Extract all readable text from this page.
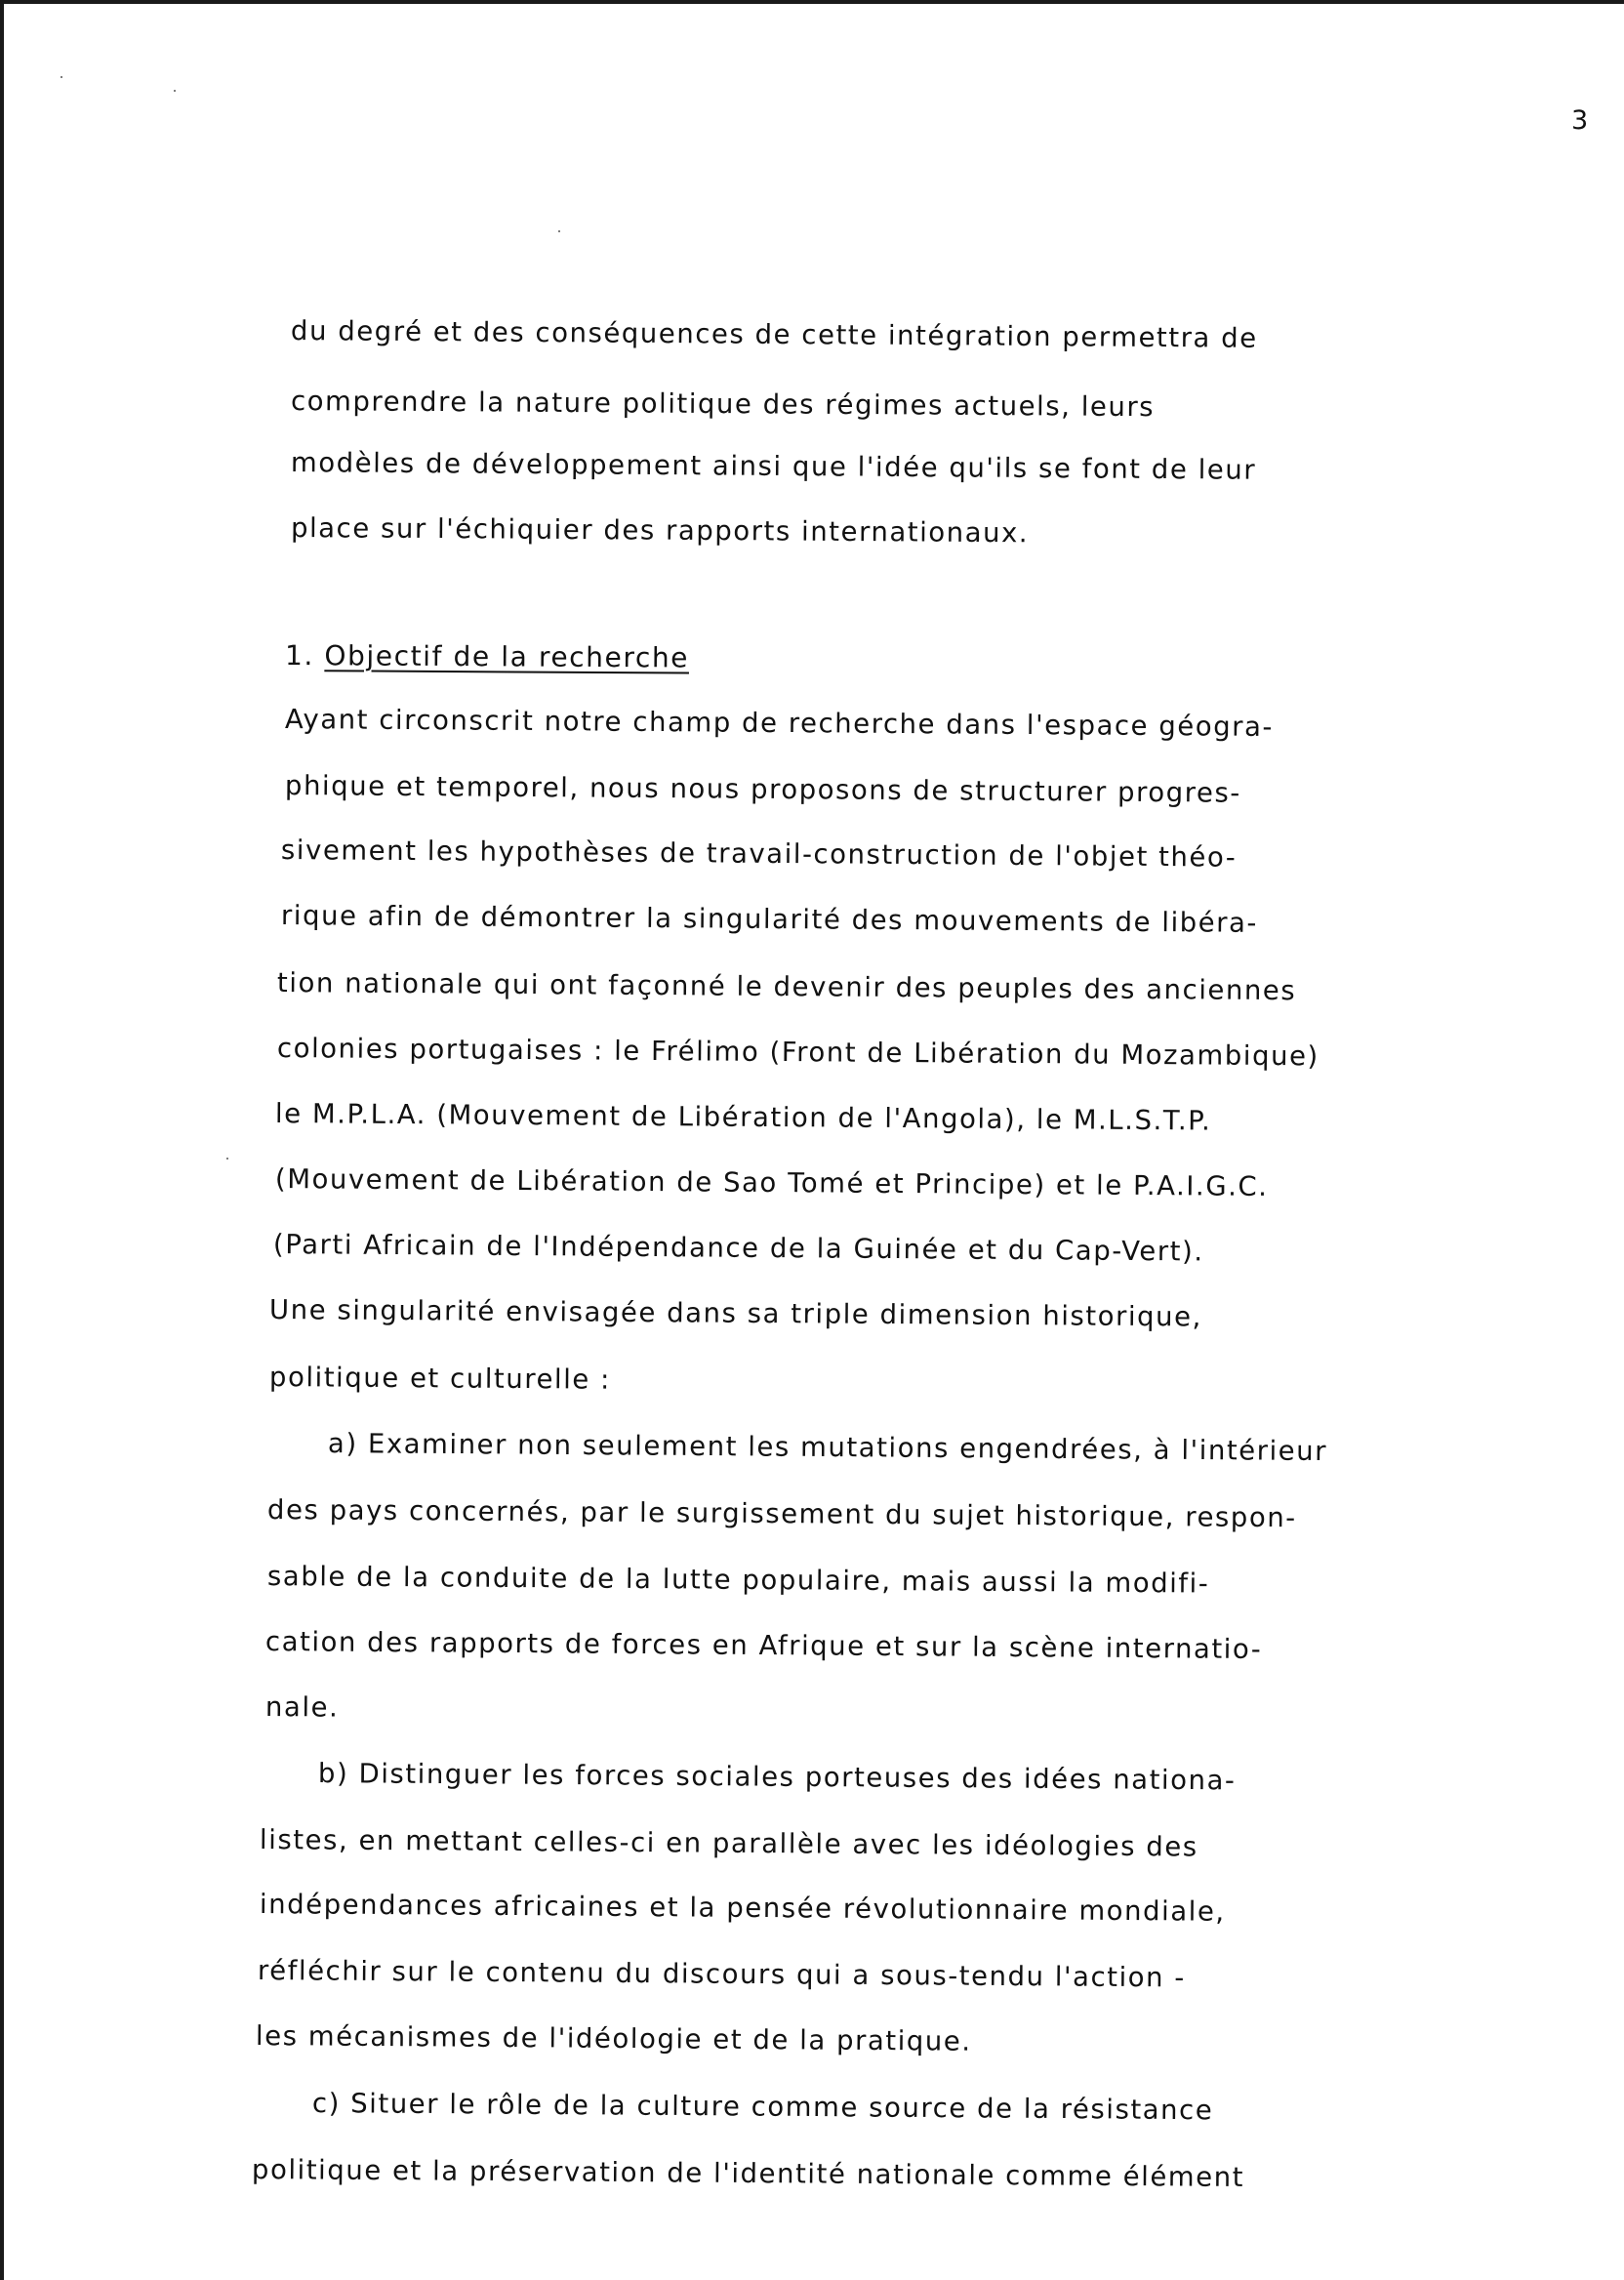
3
du degré et des conséquences de cette intégration permettra de
comprendre la nature politique des régimes actuels, leurs
modèles de développement ainsi que l'idée qu'ils se font de leur
place sur l'échiquier des rapports internationaux.
1. Objectif de la recherche
Ayant circonscrit notre champ de recherche dans l'espace géogra-
phique et temporel, nous nous proposons de structurer progres-
sivement les hypothèses de travail-construction de l'objet théo-
rique afin de démontrer la singularité des mouvements de libéra-
tion nationale qui ont façonné le devenir des peuples des anciennes
colonies portugaises : le Frélimo (Front de Libération du Mozambique)
le M.P.L.A. (Mouvement de Libération de l'Angola), le M.L.S.T.P.
(Mouvement de Libération de Sao Tomé et Principe) et le P.A.I.G.C.
(Parti Africain de l'Indépendance de la Guinée et du Cap-Vert).
Une singularité envisagée dans sa triple dimension historique,
politique et culturelle :
a) Examiner non seulement les mutations engendrées, à l'intérieur
des pays concernés, par le surgissement du sujet historique, respon-
sable de la conduite de la lutte populaire, mais aussi la modifi-
cation des rapports de forces en Afrique et sur la scène internatio-
nale.
b) Distinguer les forces sociales porteuses des idées nationa-
listes, en mettant celles-ci en parallèle avec les idéologies des
indépendances africaines et la pensée révolutionnaire mondiale,
réfléchir sur le contenu du discours qui a sous-tendu l'action -
les mécanismes de l'idéologie et de la pratique.
c) Situer le rôle de la culture comme source de la résistance
politique et la préservation de l'identité nationale comme élément
